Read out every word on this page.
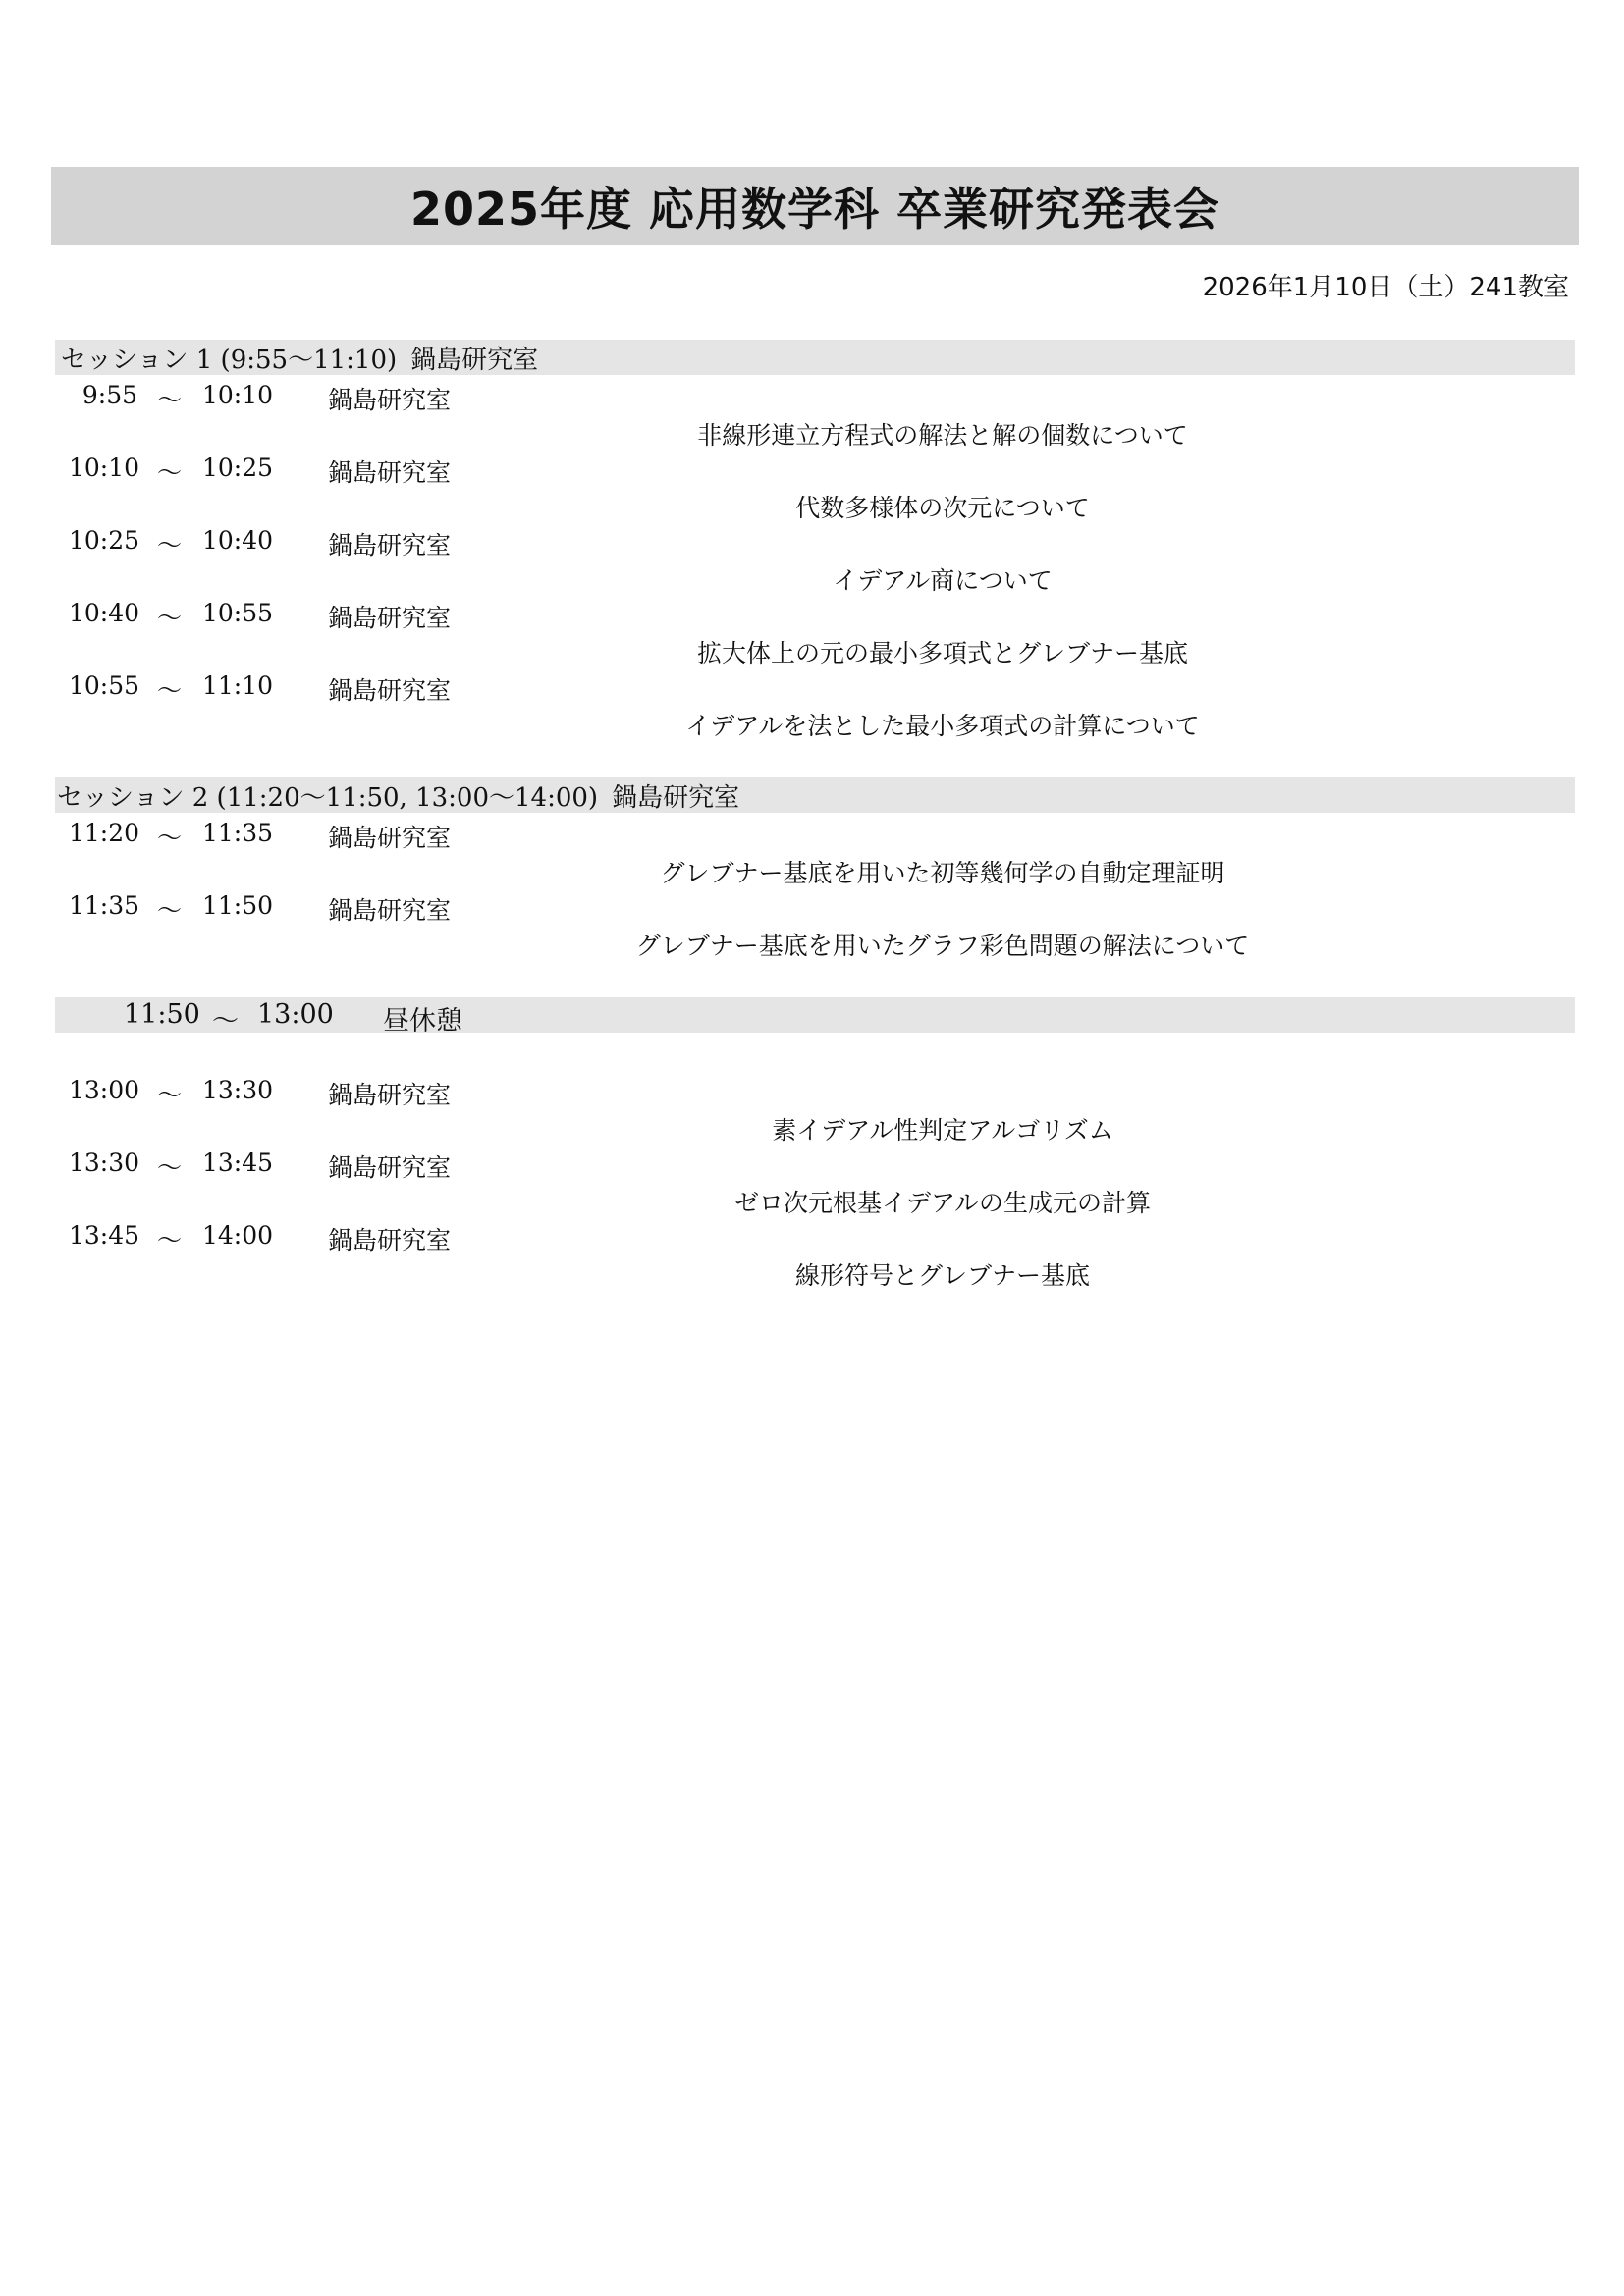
2025年度 応用数学科 卒業研究発表会
2026年1月10日（土）241教室
セッション 1 (9:55〜11:10) 鍋島研究室
9:55 〜 10:10 鍋島研究室
非線形連立方程式の解法と解の個数について
10:10 〜 10:25 鍋島研究室
代数多様体の次元について
10:25 〜 10:40 鍋島研究室
イデアル商について
10:40 〜 10:55 鍋島研究室
拡大体上の元の最小多項式とグレブナー基底
10:55 〜 11:10 鍋島研究室
イデアルを法とした最小多項式の計算について
セッション 2 (11:20〜11:50, 13:00〜14:00) 鍋島研究室
11:20 〜 11:35 鍋島研究室
グレブナー基底を用いた初等幾何学の自動定理証明
11:35 〜 11:50 鍋島研究室
グレブナー基底を用いたグラフ彩色問題の解法について
11:50 〜 13:00 昼休憩
13:00 〜 13:30 鍋島研究室
素イデアル性判定アルゴリズム
13:30 〜 13:45 鍋島研究室
ゼロ次元根基イデアルの生成元の計算
13:45 〜 14:00 鍋島研究室
線形符号とグレブナー基底
